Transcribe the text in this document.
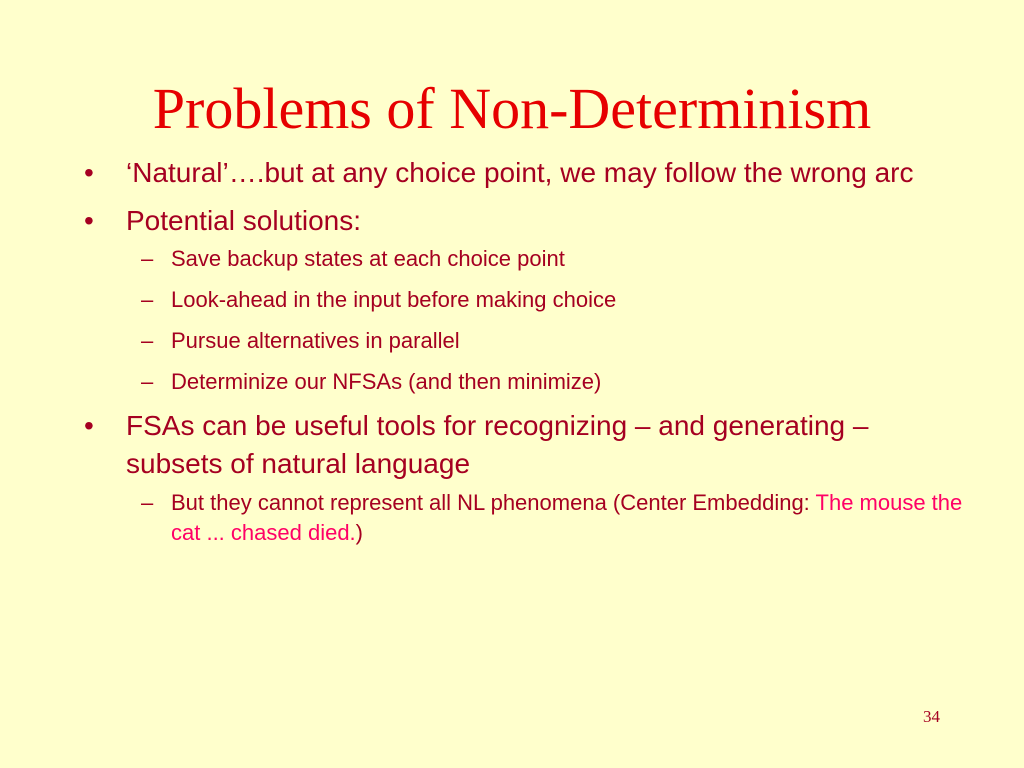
Problems of Non-Determinism

•	‘Natural’….but at any choice point, we may follow the wrong arc

•	Potential solutions:

– Save backup states at each choice point

– Look-ahead in the input before making choice

– Pursue alternatives in parallel

– Determinize our NFSAs (and then minimize)

•	FSAs can be useful tools for recognizing – and generating – subsets of natural language

– But they cannot represent all NL phenomena (Center Embedding: The mouse the cat ... chased died.)

34
